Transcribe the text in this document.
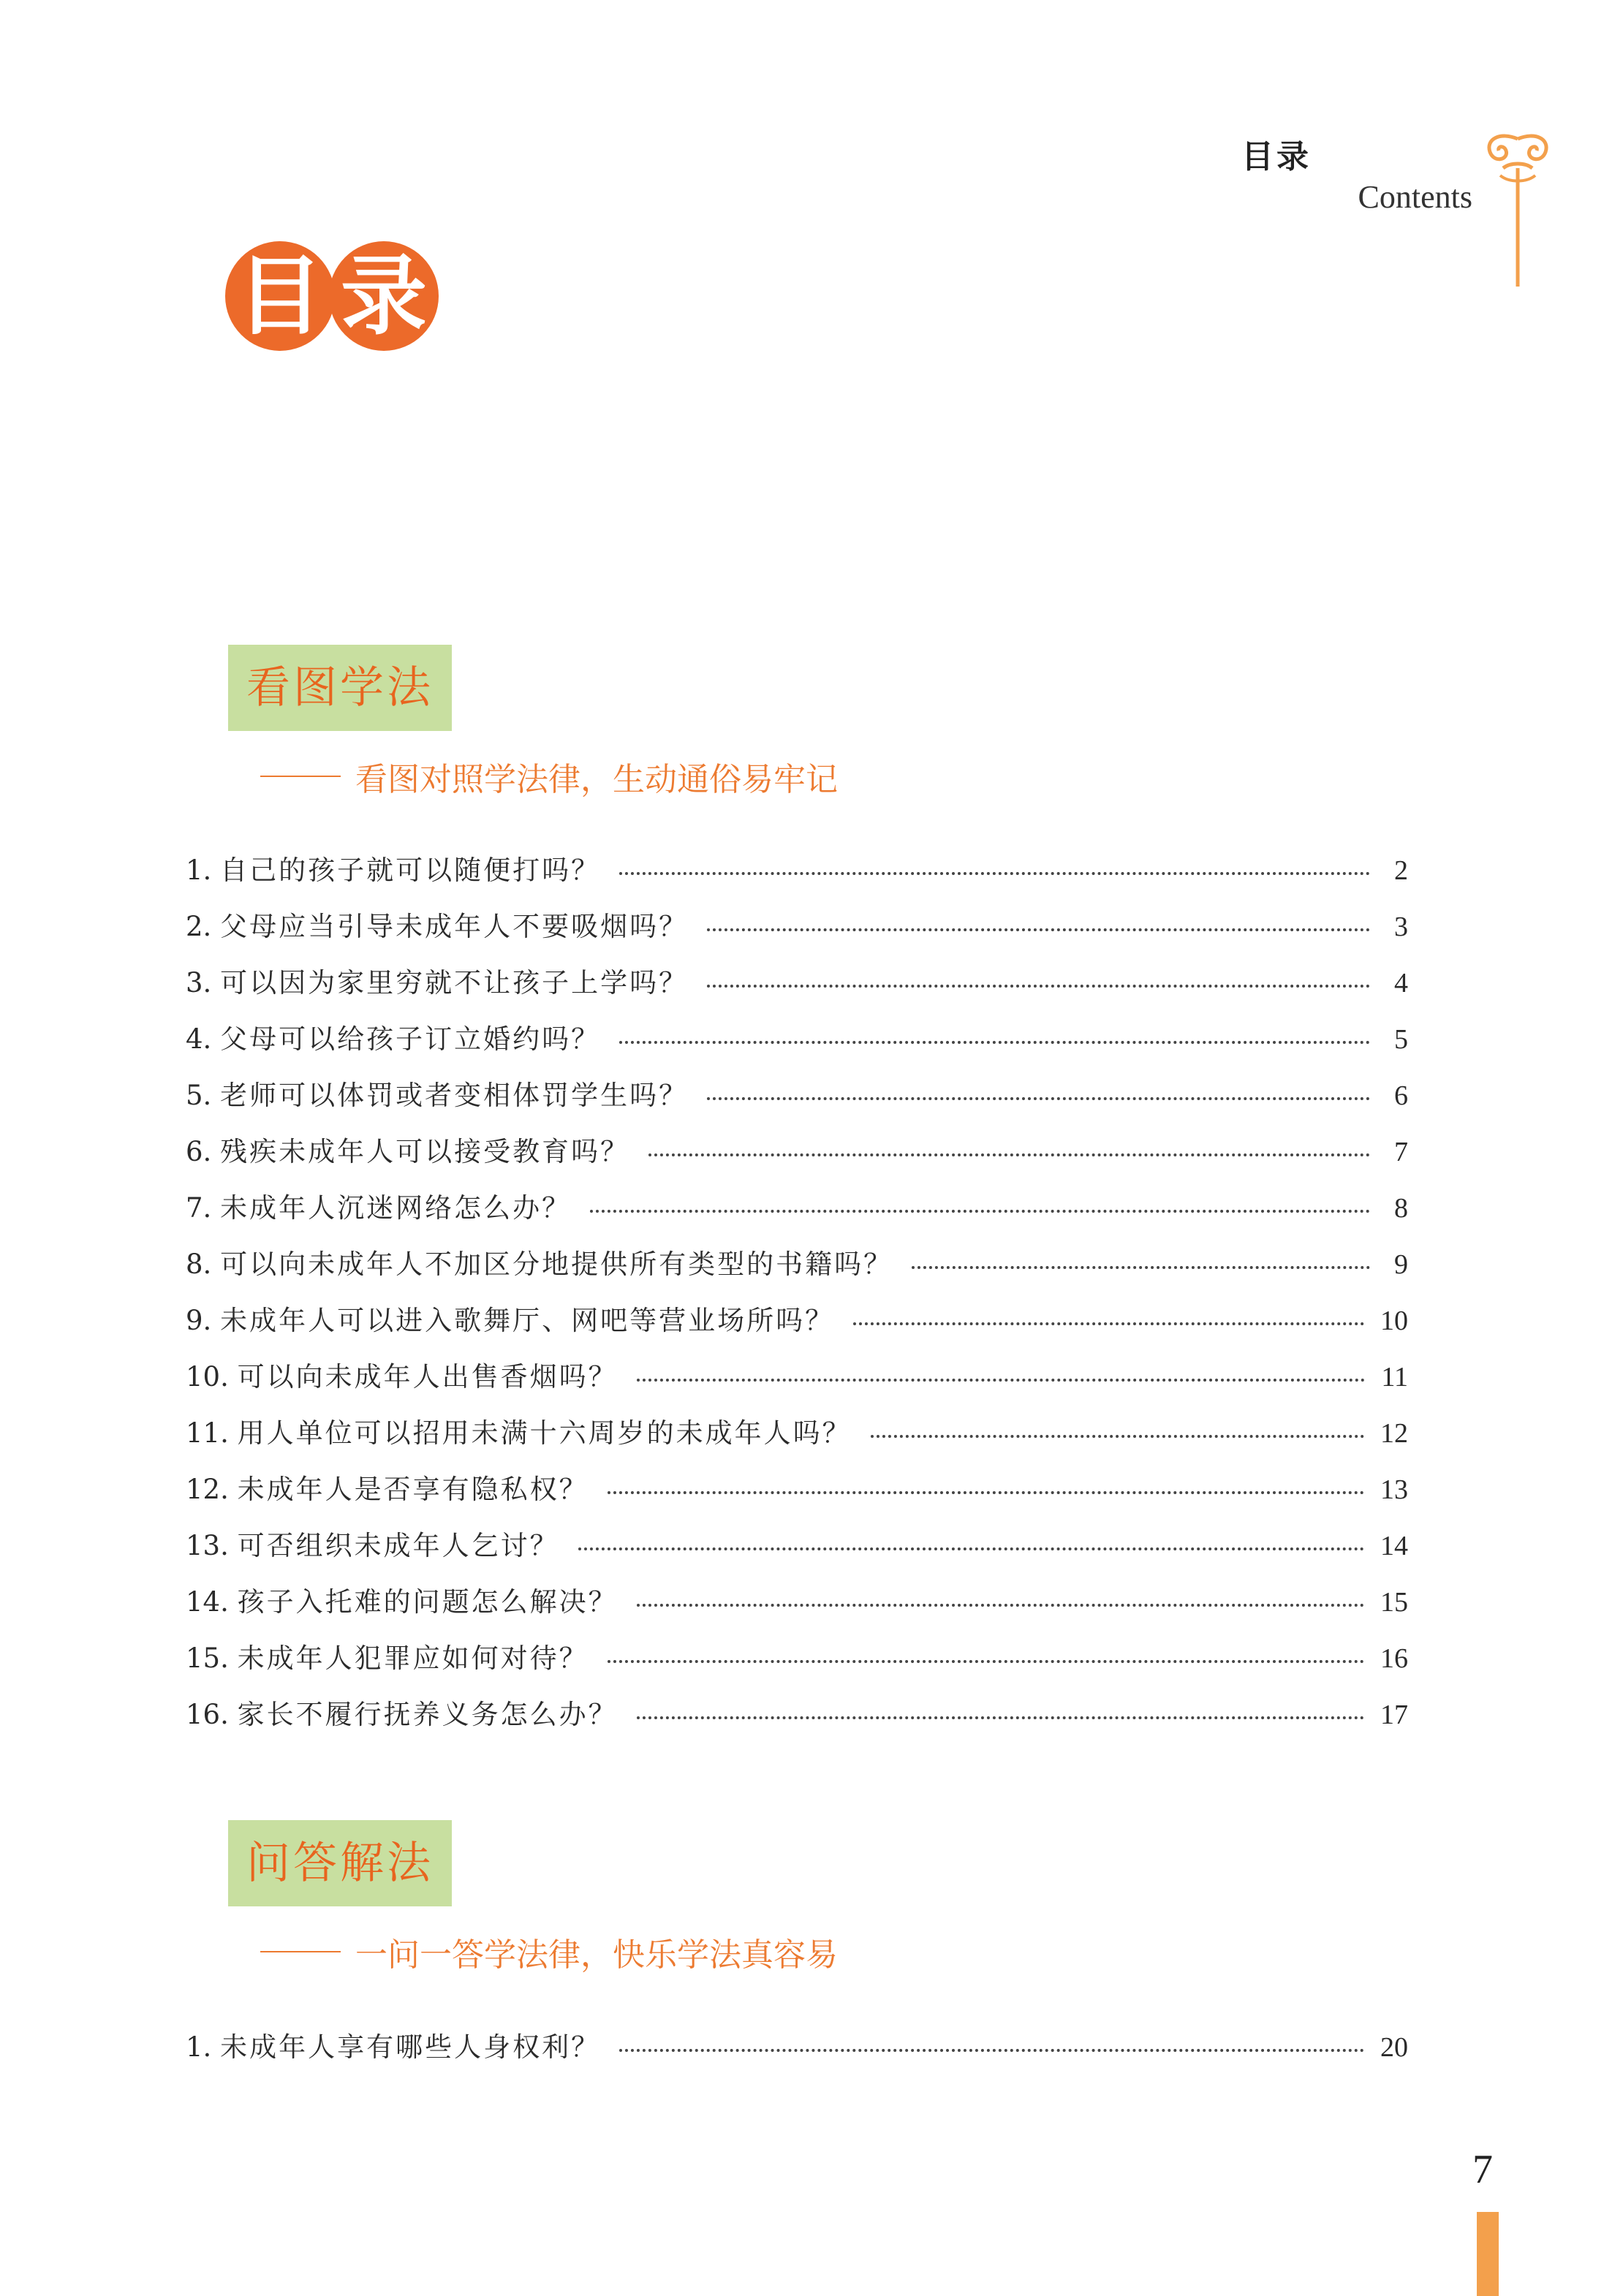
目录
Contents
目 录
看图学法
看图对照学法律，生动通俗易牢记
1. 自己的孩子就可以随便打吗？	2
2. 父母应当引导未成年人不要吸烟吗？	3
3. 可以因为家里穷就不让孩子上学吗？	4
4. 父母可以给孩子订立婚约吗？	5
5. 老师可以体罚或者变相体罚学生吗？	6
6. 残疾未成年人可以接受教育吗？	7
7. 未成年人沉迷网络怎么办？	8
8. 可以向未成年人不加区分地提供所有类型的书籍吗？	9
9. 未成年人可以进入歌舞厅、网吧等营业场所吗？	10
10. 可以向未成年人出售香烟吗？	11
11. 用人单位可以招用未满十六周岁的未成年人吗？	12
12. 未成年人是否享有隐私权？	13
13. 可否组织未成年人乞讨？	14
14. 孩子入托难的问题怎么解决？	15
15. 未成年人犯罪应如何对待？	16
16. 家长不履行抚养义务怎么办？	17
问答解法
一问一答学法律，快乐学法真容易
1. 未成年人享有哪些人身权利？	20
7
